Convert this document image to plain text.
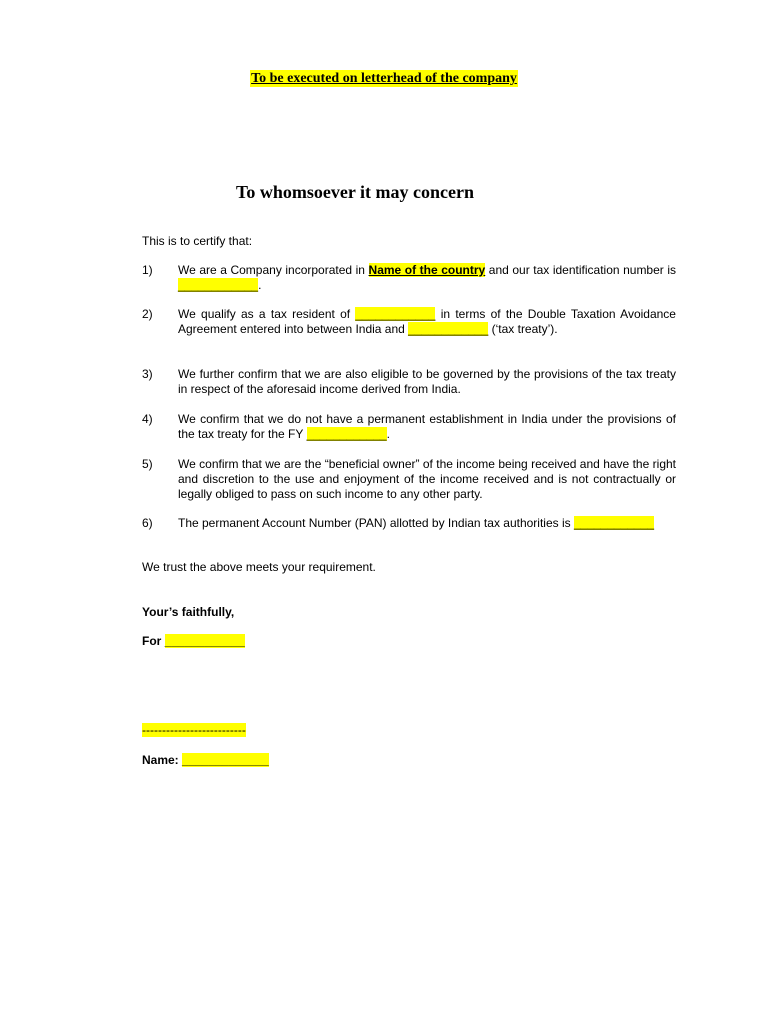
To be executed on letterhead of the company
To whomsoever it may concern
This is to certify that:
1)	We are a Company incorporated in Name of the country and our tax identification number is ____________.
2)	We qualify as a tax resident of ____________ in terms of the Double Taxation Avoidance Agreement entered into between India and ____________ (‘tax treaty’).
3)	We further confirm that we are also eligible to be governed by the provisions of the tax treaty in respect of the aforesaid income derived from India.
4)	We confirm that we do not have a permanent establishment in India under the provisions of the tax treaty for the FY ____________.
5)	We confirm that we are the “beneficial owner” of the income being received and have the right and discretion to the use and enjoyment of the income received and is not contractually or legally obliged to pass on such income to any other party.
6)	The permanent Account Number (PAN) allotted by Indian tax authorities is ____________
We trust the above meets your requirement.
Your’s faithfully,
For ____________
--------------------------
Name: _____________
